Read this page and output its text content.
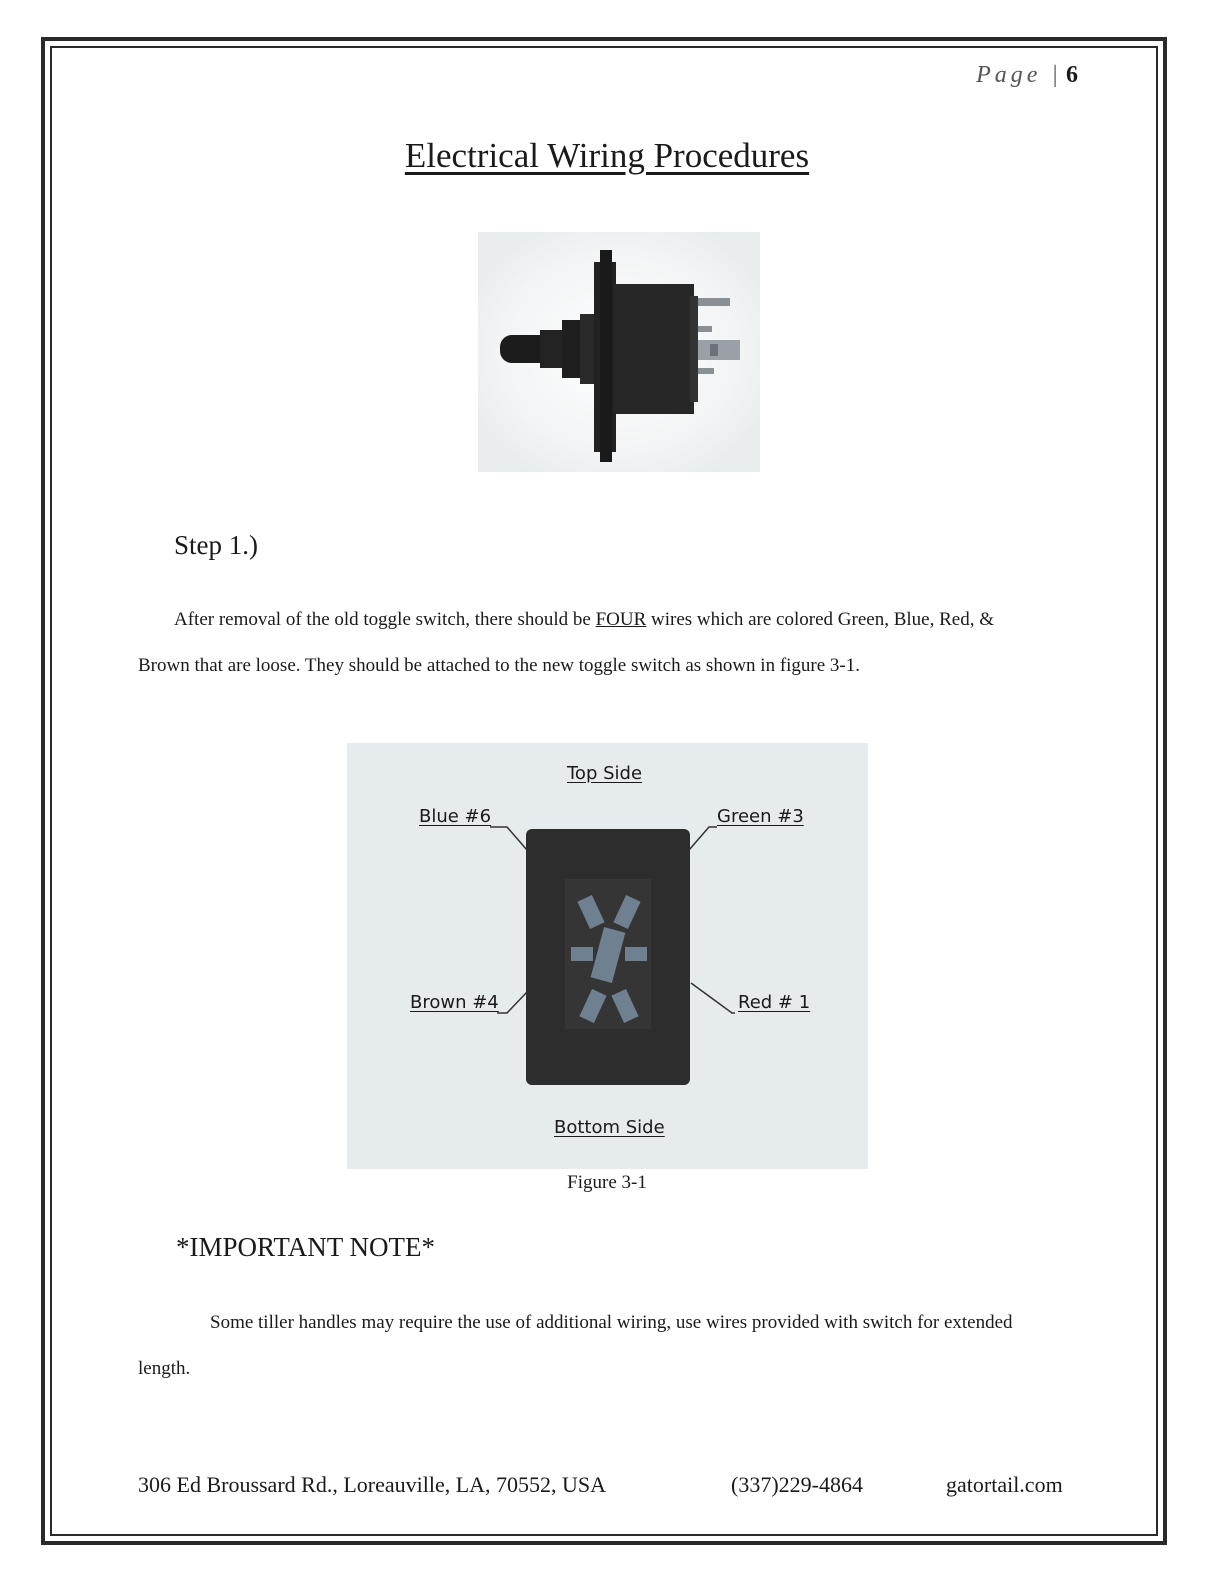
Page | 6
Electrical Wiring Procedures
Step 1.)
After removal of the old toggle switch, there should be FOUR wires which are colored Green, Blue, Red, &
Brown that are loose. They should be attached to the new toggle switch as shown in figure 3-1.
Top Side
Blue #6	Green #3
Brown #4	Red # 1
Bottom Side
Figure 3-1
*IMPORTANT NOTE*
Some tiller handles may require the use of additional wiring, use wires provided with switch for extended
length.
306 Ed Broussard Rd., Loreauville, LA, 70552, USA	(337)229-4864	gatortail.com
